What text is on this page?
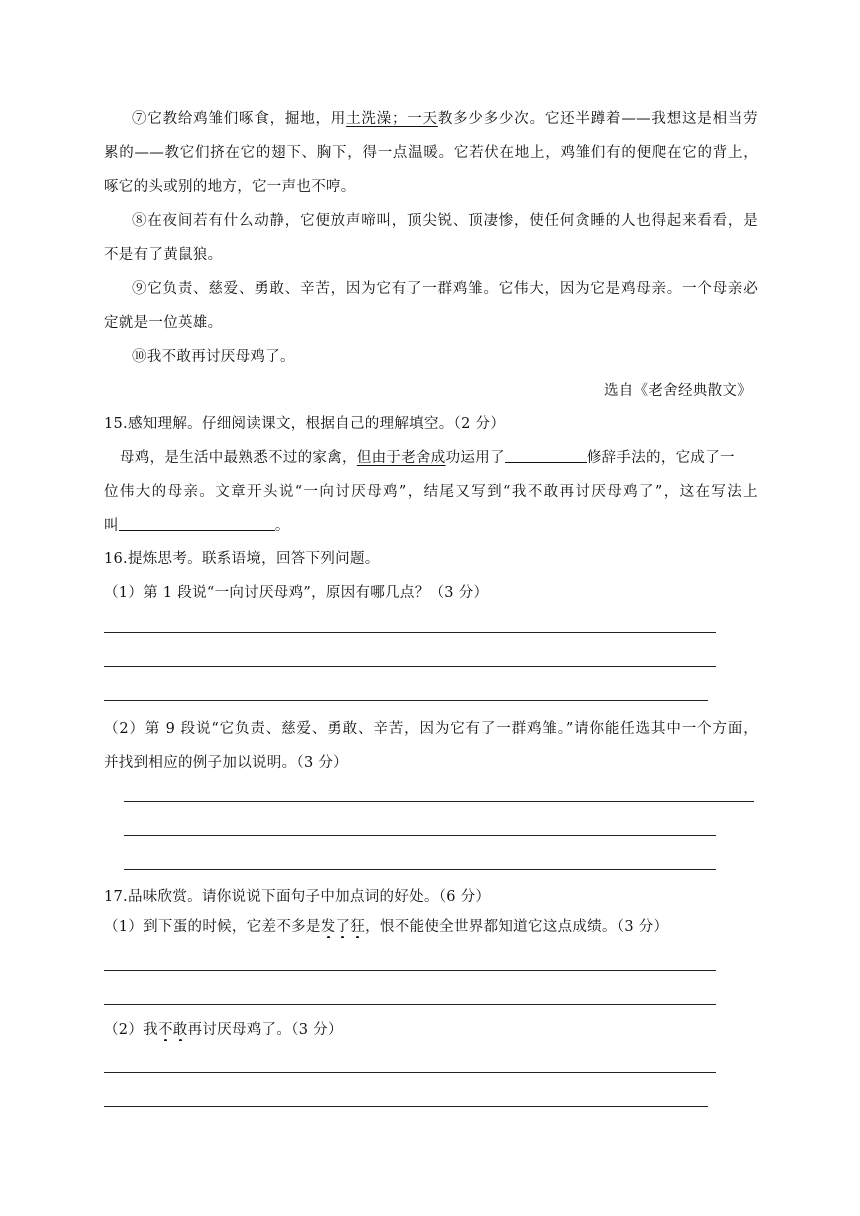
⑦它教给鸡雏们啄食，掘地，用土洗澡；一天教多少多少次。它还半蹲着——我想这是相当劳
累的——教它们挤在它的翅下、胸下，得一点温暖。它若伏在地上，鸡雏们有的便爬在它的背上，
啄它的头或别的地方，它一声也不哼。
⑧在夜间若有什么动静，它便放声啼叫，顶尖锐、顶凄惨，使任何贪睡的人也得起来看看，是
不是有了黄鼠狼。
⑨它负责、慈爱、勇敢、辛苦，因为它有了一群鸡雏。它伟大，因为它是鸡母亲。一个母亲必
定就是一位英雄。
⑩我不敢再讨厌母鸡了。
选自《老舍经典散文》
15.感知理解。仔细阅读课文，根据自己的理解填空。（2 分）
母鸡，是生活中最熟悉不过的家禽，但由于老舍成功运用了	修辞手法的，它成了一
位伟大的母亲。文章开头说“一向讨厌母鸡”，结尾又写到“我不敢再讨厌母鸡了”，这在写法上
叫	。
16.提炼思考。联系语境，回答下列问题。
（1）第 1 段说“一向讨厌母鸡”，原因有哪几点？（3 分）
（2）第 9 段说“它负责、慈爱、勇敢、辛苦，因为它有了一群鸡雏。”请你能任选其中一个方面，
并找到相应的例子加以说明。（3 分）
17.品味欣赏。请你说说下面句子中加点词的好处。（6 分）
（1）到下蛋的时候，它差不多是发了狂，恨不能使全世界都知道它这点成绩。（3 分）
（2）我不敢再讨厌母鸡了。（3 分）
